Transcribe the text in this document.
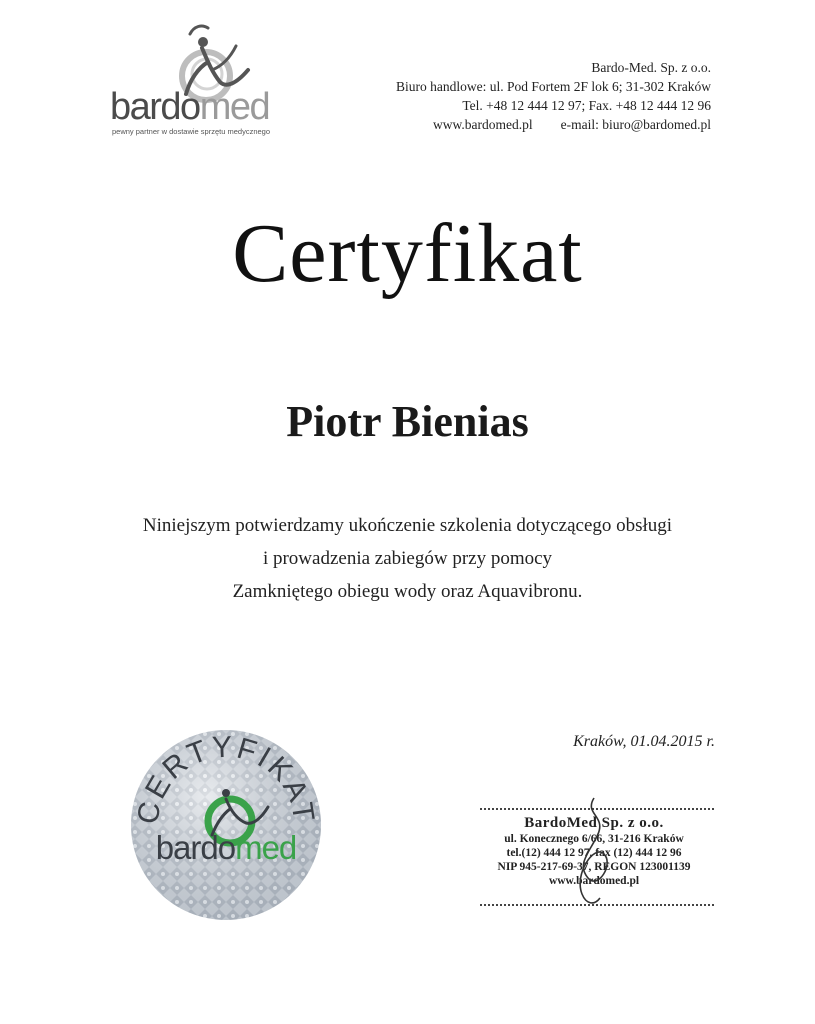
bardomed
pewny partner w dostawie sprzętu medycznego
Bardo-Med. Sp. z o.o.
Biuro handlowe: ul. Pod Fortem 2F lok 6; 31-302 Kraków
Tel. +48 12 444 12 97; Fax. +48 12 444 12 96
www.bardomed.pl e-mail: biuro@bardomed.pl
Certyfikat
Piotr Bienias
Niniejszym potwierdzamy ukończenie szkolenia dotyczącego obsługi
i prowadzenia zabiegów przy pomocy
Zamkniętego obiegu wody oraz Aquavibronu.
Kraków, 01.04.2015 r.
CERTYFIKAT
bardomed
BardoMed Sp. z o.o.
ul. Konecznego 6/66, 31-216 Kraków
tel.(12) 444 12 97, fax (12) 444 12 96
NIP 945-217-69-37, REGON 123001139
www.bardomed.pl
